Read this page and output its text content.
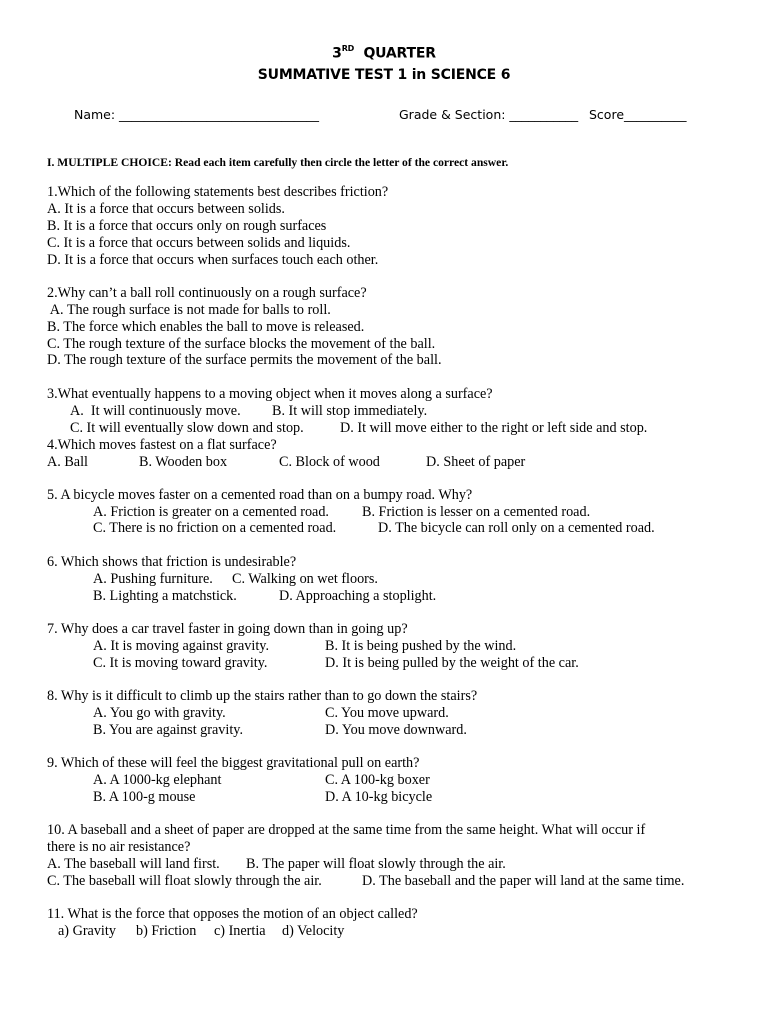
3RD QUARTER
SUMMATIVE TEST 1 in SCIENCE 6
Name: ________________________________	Grade & Section: ___________ Score__________
I. MULTIPLE CHOICE: Read each item carefully then circle the letter of the correct answer.
1.Which of the following statements best describes friction?
A. It is a force that occurs between solids.
B. It is a force that occurs only on rough surfaces
C. It is a force that occurs between solids and liquids.
D. It is a force that occurs when surfaces touch each other.
2.Why can’t a ball roll continuously on a rough surface?
A. The rough surface is not made for balls to roll.
B. The force which enables the ball to move is released.
C. The rough texture of the surface blocks the movement of the ball.
D. The rough texture of the surface permits the movement of the ball.
3.What eventually happens to a moving object when it moves along a surface?
A.  It will continuously move. B. It will stop immediately.
C. It will eventually slow down and stop.	D. It will move either to the right or left side and stop.
4.Which moves fastest on a flat surface?
A. Ball	B. Wooden box	C. Block of wood	D. Sheet of paper
5. A bicycle moves faster on a cemented road than on a bumpy road. Why?
A. Friction is greater on a cemented road. B. Friction is lesser on a cemented road.
C. There is no friction on a cemented road.	D. The bicycle can roll only on a cemented road.
6. Which shows that friction is undesirable?
A. Pushing furniture. C. Walking on wet floors.
B. Lighting a matchstick.	D. Approaching a stoplight.
7. Why does a car travel faster in going down than in going up?
A. It is moving against gravity.	B. It is being pushed by the wind.
C. It is moving toward gravity.	D. It is being pulled by the weight of the car.
8. Why is it difficult to climb up the stairs rather than to go down the stairs?
A. You go with gravity.	C. You move upward.
B. You are against gravity.	D. You move downward.
9. Which of these will feel the biggest gravitational pull on earth?
A. A 1000-kg elephant	C. A 100-kg boxer
B. A 100-g mouse	D. A 10-kg bicycle
10. A baseball and a sheet of paper are dropped at the same time from the same height. What will occur if
there is no air resistance?
A. The baseball will land first. B. The paper will float slowly through the air.
C. The baseball will float slowly through the air.	D. The baseball and the paper will land at the same time.
11. What is the force that opposes the motion of an object called?
a) Gravity b) Friction c) Inertia d) Velocity
